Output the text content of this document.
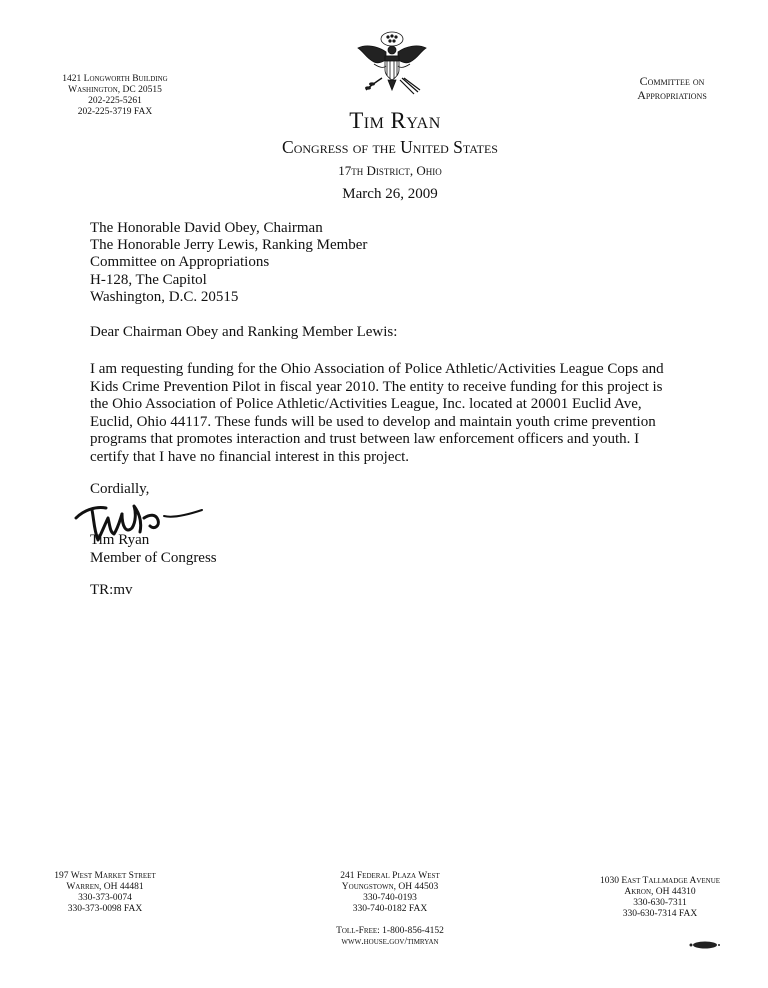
1421 Longworth Building
Washington, DC 20515
202-225-5261
202-225-3719 FAX
Committee on
Appropriations
Tim Ryan
Congress of the United States
17th District, Ohio
March 26, 2009
The Honorable David Obey, Chairman
The Honorable Jerry Lewis, Ranking Member
Committee on Appropriations
H-128, The Capitol
Washington, D.C. 20515
Dear Chairman Obey and Ranking Member Lewis:
I am requesting funding for the Ohio Association of Police Athletic/Activities League Cops and
Kids Crime Prevention Pilot in fiscal year 2010. The entity to receive funding for this project is
the Ohio Association of Police Athletic/Activities League, Inc. located at 20001 Euclid Ave,
Euclid, Ohio 44117. These funds will be used to develop and maintain youth crime prevention
programs that promotes interaction and trust between law enforcement officers and youth. I
certify that I have no financial interest in this project.
Cordially,
Tim Ryan
Member of Congress
TR:mv
197 West Market Street
Warren, OH 44481
330-373-0074
330-373-0098 FAX
241 Federal Plaza West
Youngstown, OH 44503
330-740-0193
330-740-0182 FAX
1030 East Tallmadge Avenue
Akron, OH 44310
330-630-7311
330-630-7314 FAX
Toll-Free: 1-800-856-4152
www.house.gov/timryan
